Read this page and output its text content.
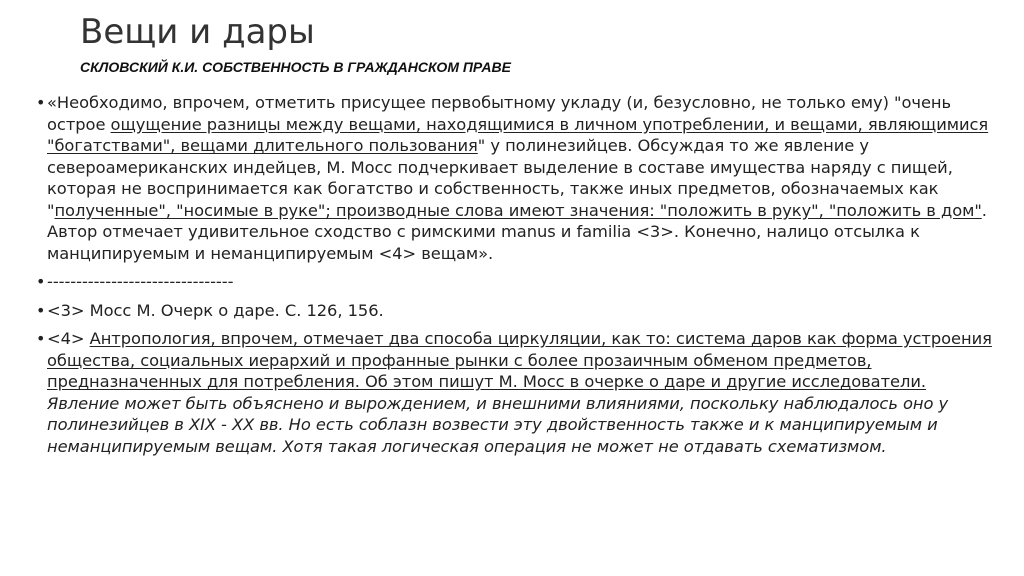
Вещи и дары
СКЛОВСКИЙ К.И. СОБСТВЕННОСТЬ В ГРАЖДАНСКОМ ПРАВЕ
• «Необходимо, впрочем, отметить присущее первобытному укладу (и, безусловно, не только ему) "очень острое ощущение разницы между вещами, находящимися в личном употреблении, и вещами, являющимися "богатствами", вещами длительного пользования" у полинезийцев. Обсуждая то же явление у североамериканских индейцев, М. Мосс подчеркивает выделение в составе имущества наряду с пищей, которая не воспринимается как богатство и собственность, также иных предметов, обозначаемых как "полученные", "носимые в руке"; производные слова имеют значения: "положить в руку", "положить в дом". Автор отмечает удивительное сходство с римскими manus и familia <3>. Конечно, налицо отсылка к манципируемым и неманципируемым <4> вещам».
• --------------------------------
• <3> Мосс М. Очерк о даре. С. 126, 156.
• <4> Антропология, впрочем, отмечает два способа циркуляции, как то: система даров как форма устроения общества, социальных иерархий и профанные рынки с более прозаичным обменом предметов, предназначенных для потребления. Об этом пишут М. Мосс в очерке о даре и другие исследователи. Явление может быть объяснено и вырождением, и внешними влияниями, поскольку наблюдалось оно у полинезийцев в XIX - XX вв. Но есть соблазн возвести эту двойственность также и к манципируемым и неманципируемым вещам. Хотя такая логическая операция не может не отдавать схематизмом.
